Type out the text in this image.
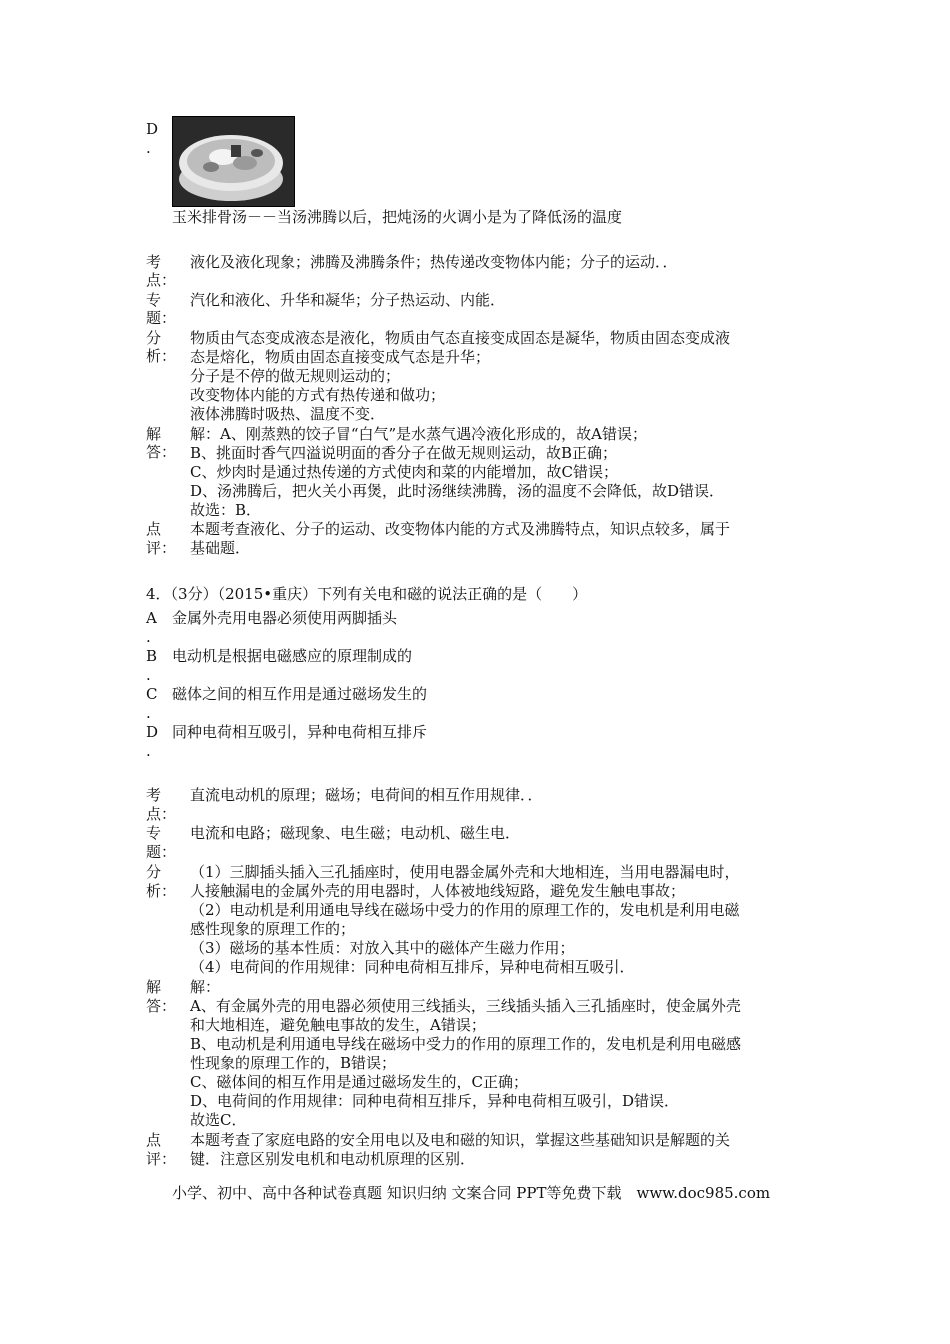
D
.
玉米排骨汤－－当汤沸腾以后，把炖汤的火调小是为了降低汤的温度
考
点：
液化及液化现象；沸腾及沸腾条件；热传递改变物体内能；分子的运动．．
专
题：
汽化和液化、升华和凝华；分子热运动、内能．
分
析：
物质由气态变成液态是液化，物质由气态直接变成固态是凝华，物质由固态变成液
态是熔化，物质由固态直接变成气态是升华；
分子是不停的做无规则运动的；
改变物体内能的方式有热传递和做功；
液体沸腾时吸热、温度不变．
解
答：
解：A、刚蒸熟的饺子冒“白气”是水蒸气遇冷液化形成的，故A错误；
B、挑面时香气四溢说明面的香分子在做无规则运动，故B正确；
C、炒肉时是通过热传递的方式使肉和菜的内能增加，故C错误；
D、汤沸腾后，把火关小再煲，此时汤继续沸腾，汤的温度不会降低，故D错误．
故选：B．
点
评：
本题考查液化、分子的运动、改变物体内能的方式及沸腾特点，知识点较多，属于
基础题．
4．（3分）（2015•重庆）下列有关电和磁的说法正确的是（　　）
A
.
金属外壳用电器必须使用两脚插头
B
.
电动机是根据电磁感应的原理制成的
C
.
磁体之间的相互作用是通过磁场发生的
D
.
同种电荷相互吸引，异种电荷相互排斥
考
点：
直流电动机的原理；磁场；电荷间的相互作用规律．．
专
题：
电流和电路；磁现象、电生磁；电动机、磁生电．
分
析：
（1）三脚插头插入三孔插座时，使用电器金属外壳和大地相连，当用电器漏电时，
人接触漏电的金属外壳的用电器时，人体被地线短路，避免发生触电事故；
（2）电动机是利用通电导线在磁场中受力的作用的原理工作的，发电机是利用电磁
感性现象的原理工作的；
（3）磁场的基本性质：对放入其中的磁体产生磁力作用；
（4）电荷间的作用规律：同种电荷相互排斥，异种电荷相互吸引．
解
答：
解：
A、有金属外壳的用电器必须使用三线插头，三线插头插入三孔插座时，使金属外壳
和大地相连，避免触电事故的发生，A错误；
B、电动机是利用通电导线在磁场中受力的作用的原理工作的，发电机是利用电磁感
性现象的原理工作的，B错误；
C、磁体间的相互作用是通过磁场发生的，C正确；
D、电荷间的作用规律：同种电荷相互排斥，异种电荷相互吸引，D错误．
故选C．
点
评：
本题考查了家庭电路的安全用电以及电和磁的知识，掌握这些基础知识是解题的关
键．注意区别发电机和电动机原理的区别．
小学、初中、高中各种试卷真题 知识归纳 文案合同 PPT等免费下载　www.doc985.com
